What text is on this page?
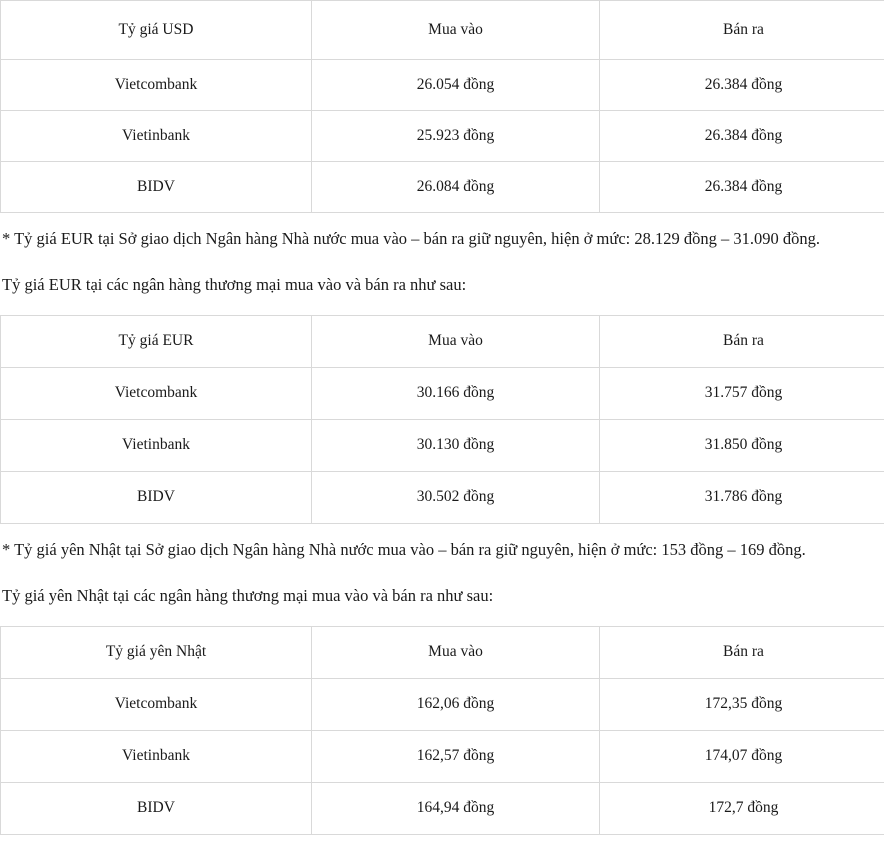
Tỷ giá USD	Mua vào	Bán ra
Vietcombank	26.054 đồng	26.384 đồng
Vietinbank	25.923 đồng	26.384 đồng
BIDV	26.084 đồng	26.384 đồng

* Tỷ giá EUR tại Sở giao dịch Ngân hàng Nhà nước mua vào – bán ra giữ nguyên, hiện ở mức: 28.129 đồng – 31.090 đồng.

Tỷ giá EUR tại các ngân hàng thương mại mua vào và bán ra như sau:

Tỷ giá EUR	Mua vào	Bán ra
Vietcombank	30.166 đồng	31.757 đồng
Vietinbank	30.130 đồng	31.850 đồng
BIDV	30.502 đồng	31.786 đồng

* Tỷ giá yên Nhật tại Sở giao dịch Ngân hàng Nhà nước mua vào – bán ra giữ nguyên, hiện ở mức: 153 đồng – 169 đồng.

Tỷ giá yên Nhật tại các ngân hàng thương mại mua vào và bán ra như sau:

Tỷ giá yên Nhật	Mua vào	Bán ra
Vietcombank	162,06 đồng	172,35 đồng
Vietinbank	162,57 đồng	174,07 đồng
BIDV	164,94 đồng	172,7 đồng
